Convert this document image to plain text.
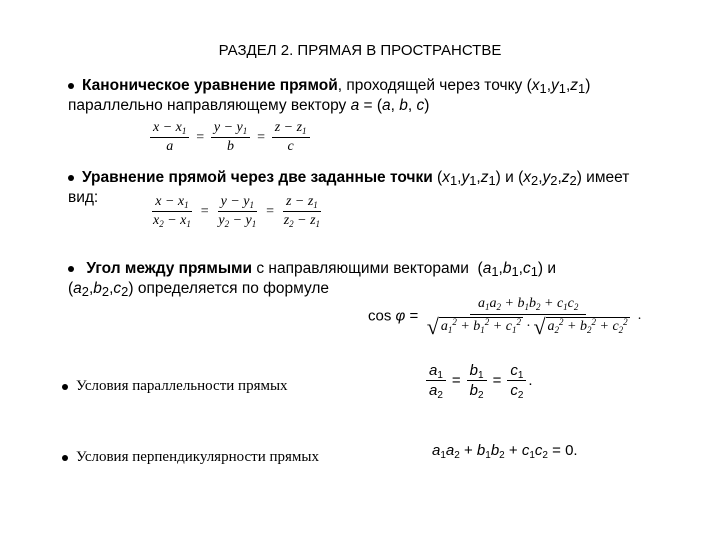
РАЗДЕЛ 2. ПРЯМАЯ В ПРОСТРАНСТВЕ
Каноническое уравнение прямой, проходящей через точку $(x_1,y_1,z_1)$
параллельно направляющему вектору a = (a, b, c)
$\frac{x - x_1}{a} = \frac{y - y_1}{b} = \frac{z - z_1}{c}$
Уравнение прямой через две заданные точки $(x_1,y_1,z_1)$ и $(x_2,y_2,z_2)$ имеет
вид:	$\frac{x - x_1}{x_2 - x_1} = \frac{y - y_1}{y_2 - y_1} = \frac{z - z_1}{z_2 - z_1}$
Угол между прямыми с направляющими векторами  $(a_1,b_1,c_1)$ и
$(a_2,b_2,c_2)$ определяется по формуле
$\cos \varphi = \frac{a_1a_2 + b_1b_2 + c_1c_2}{√ a_1^2 + b_1^2 + c_1^2 \cdot √ a_2^2 + b_2^2 + c_2^2}$ .
Условия параллельности прямых	$\frac{a_1}{a_2} = \frac{b_1}{b_2} = \frac{c_1}{c_2}$ .
Условия перпендикулярности прямых	$a_1a_2 + b_1b_2 + c_1c_2 = 0$.
